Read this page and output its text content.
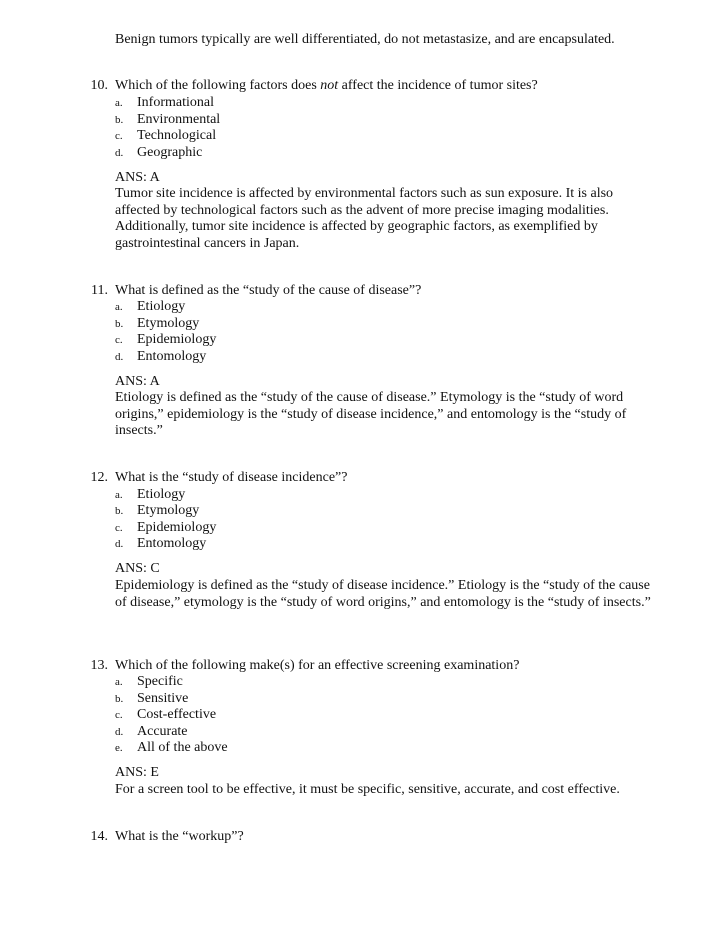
Benign tumors typically are well differentiated, do not metastasize, and are encapsulated.
10. Which of the following factors does not affect the incidence of tumor sites?
a. Informational
b. Environmental
c. Technological
d. Geographic
ANS: A
Tumor site incidence is affected by environmental factors such as sun exposure. It is also affected by technological factors such as the advent of more precise imaging modalities. Additionally, tumor site incidence is affected by geographic factors, as exemplified by gastrointestinal cancers in Japan.
11. What is defined as the “study of the cause of disease”?
a. Etiology
b. Etymology
c. Epidemiology
d. Entomology
ANS: A
Etiology is defined as the “study of the cause of disease.” Etymology is the “study of word origins,” epidemiology is the “study of disease incidence,” and entomology is the “study of insects.”
12. What is the “study of disease incidence”?
a. Etiology
b. Etymology
c. Epidemiology
d. Entomology
ANS: C
Epidemiology is defined as the “study of disease incidence.” Etiology is the “study of the cause of disease,” etymology is the “study of word origins,” and entomology is the “study of insects.”
13. Which of the following make(s) for an effective screening examination?
a. Specific
b. Sensitive
c. Cost-effective
d. Accurate
e. All of the above
ANS: E
For a screen tool to be effective, it must be specific, sensitive, accurate, and cost effective.
14. What is the “workup”?
